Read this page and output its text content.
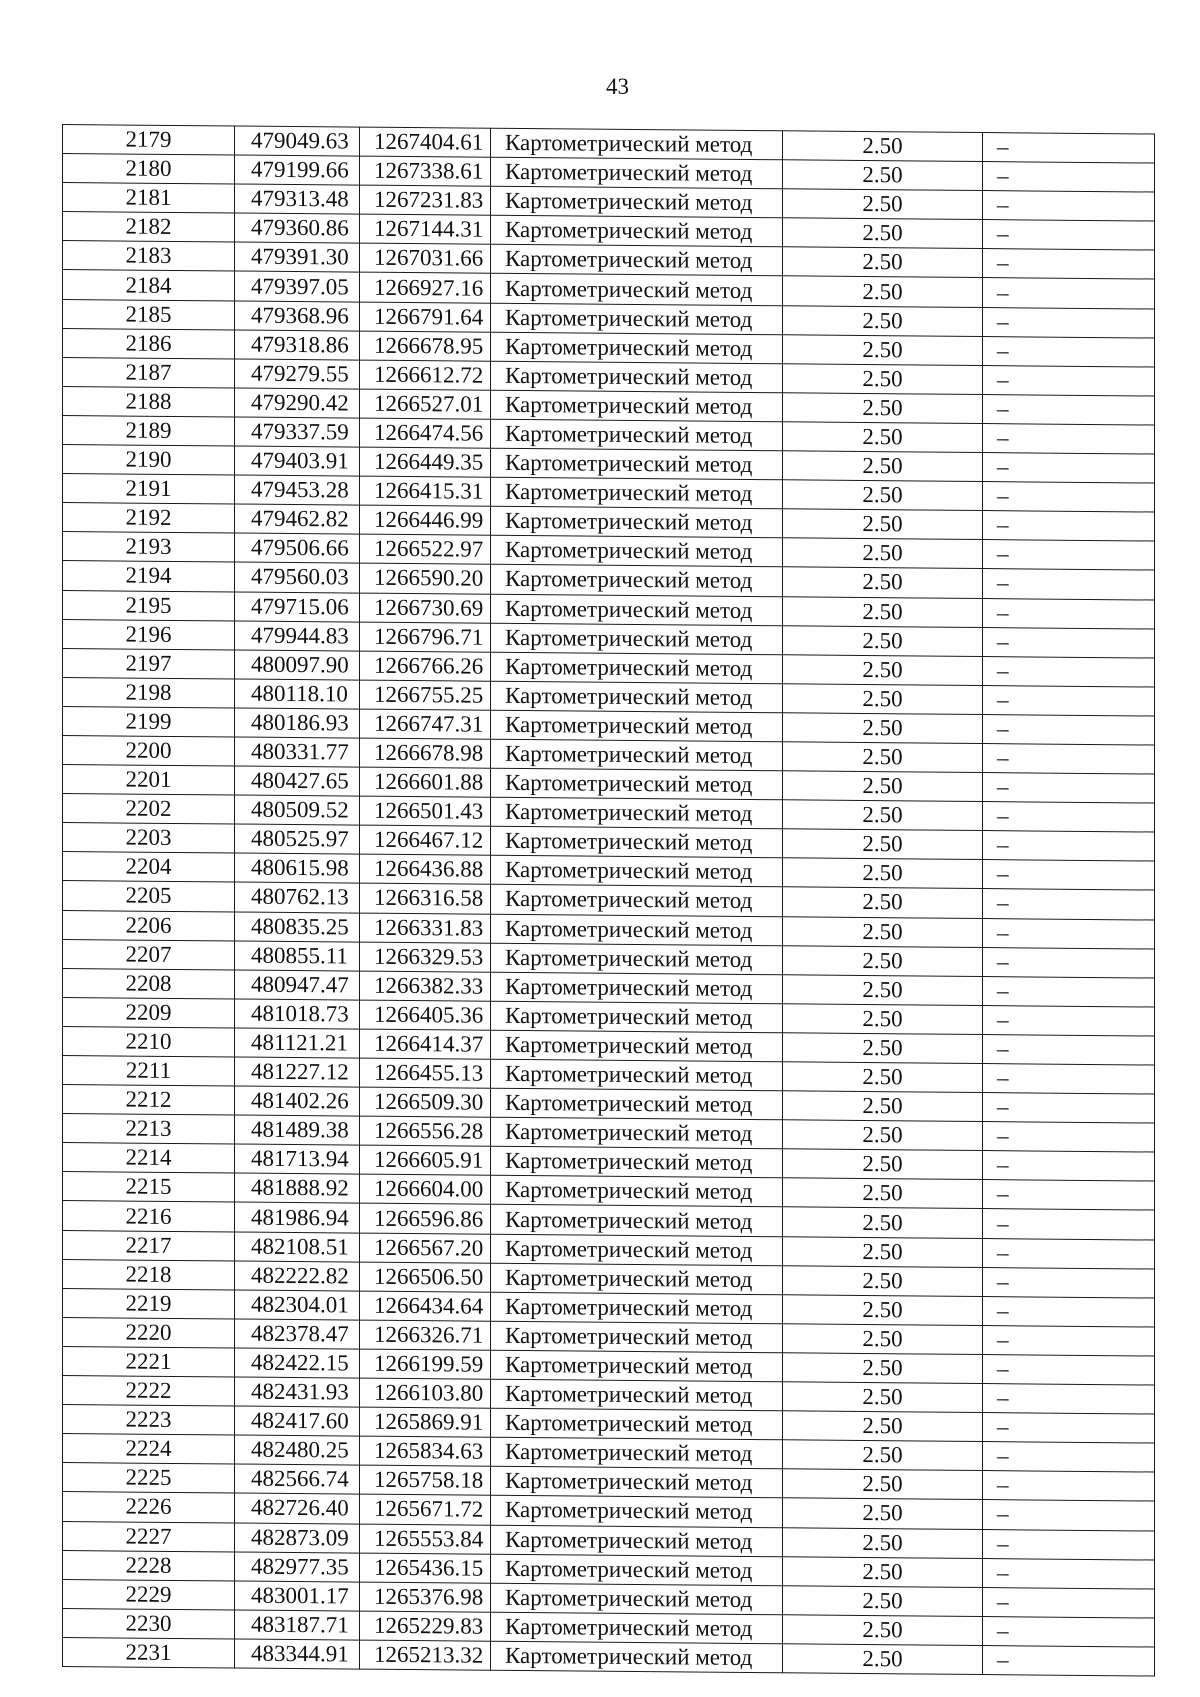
43
2179	479049.63	1267404.61	Картометрический метод	2.50	–
2180	479199.66	1267338.61	Картометрический метод	2.50	–
2181	479313.48	1267231.83	Картометрический метод	2.50	–
2182	479360.86	1267144.31	Картометрический метод	2.50	–
2183	479391.30	1267031.66	Картометрический метод	2.50	–
2184	479397.05	1266927.16	Картометрический метод	2.50	–
2185	479368.96	1266791.64	Картометрический метод	2.50	–
2186	479318.86	1266678.95	Картометрический метод	2.50	–
2187	479279.55	1266612.72	Картометрический метод	2.50	–
2188	479290.42	1266527.01	Картометрический метод	2.50	–
2189	479337.59	1266474.56	Картометрический метод	2.50	–
2190	479403.91	1266449.35	Картометрический метод	2.50	–
2191	479453.28	1266415.31	Картометрический метод	2.50	–
2192	479462.82	1266446.99	Картометрический метод	2.50	–
2193	479506.66	1266522.97	Картометрический метод	2.50	–
2194	479560.03	1266590.20	Картометрический метод	2.50	–
2195	479715.06	1266730.69	Картометрический метод	2.50	–
2196	479944.83	1266796.71	Картометрический метод	2.50	–
2197	480097.90	1266766.26	Картометрический метод	2.50	–
2198	480118.10	1266755.25	Картометрический метод	2.50	–
2199	480186.93	1266747.31	Картометрический метод	2.50	–
2200	480331.77	1266678.98	Картометрический метод	2.50	–
2201	480427.65	1266601.88	Картометрический метод	2.50	–
2202	480509.52	1266501.43	Картометрический метод	2.50	–
2203	480525.97	1266467.12	Картометрический метод	2.50	–
2204	480615.98	1266436.88	Картометрический метод	2.50	–
2205	480762.13	1266316.58	Картометрический метод	2.50	–
2206	480835.25	1266331.83	Картометрический метод	2.50	–
2207	480855.11	1266329.53	Картометрический метод	2.50	–
2208	480947.47	1266382.33	Картометрический метод	2.50	–
2209	481018.73	1266405.36	Картометрический метод	2.50	–
2210	481121.21	1266414.37	Картометрический метод	2.50	–
2211	481227.12	1266455.13	Картометрический метод	2.50	–
2212	481402.26	1266509.30	Картометрический метод	2.50	–
2213	481489.38	1266556.28	Картометрический метод	2.50	–
2214	481713.94	1266605.91	Картометрический метод	2.50	–
2215	481888.92	1266604.00	Картометрический метод	2.50	–
2216	481986.94	1266596.86	Картометрический метод	2.50	–
2217	482108.51	1266567.20	Картометрический метод	2.50	–
2218	482222.82	1266506.50	Картометрический метод	2.50	–
2219	482304.01	1266434.64	Картометрический метод	2.50	–
2220	482378.47	1266326.71	Картометрический метод	2.50	–
2221	482422.15	1266199.59	Картометрический метод	2.50	–
2222	482431.93	1266103.80	Картометрический метод	2.50	–
2223	482417.60	1265869.91	Картометрический метод	2.50	–
2224	482480.25	1265834.63	Картометрический метод	2.50	–
2225	482566.74	1265758.18	Картометрический метод	2.50	–
2226	482726.40	1265671.72	Картометрический метод	2.50	–
2227	482873.09	1265553.84	Картометрический метод	2.50	–
2228	482977.35	1265436.15	Картометрический метод	2.50	–
2229	483001.17	1265376.98	Картометрический метод	2.50	–
2230	483187.71	1265229.83	Картометрический метод	2.50	–
2231	483344.91	1265213.32	Картометрический метод	2.50	–
